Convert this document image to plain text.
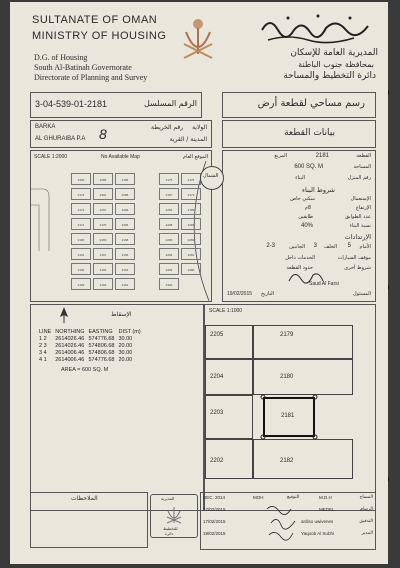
SULTANATE OF OMAN
MINISTRY OF HOUSING
D.G. of Housing
South Al-Batinah Governorate
Directorate of Planning and Survey
المديرية العامة للإسكان
بمحافظة جنوب الباطنة
دائرة التخطيط والمساحة
3-04-539-01-2181	الرقم المسلسل	رسم مساحي لقطعة أرض
BARKA
AL GHURAIBA P.A 8	رقم الخريطة الولاية
المدينة / القرية
بيانات القطعة
SCALE 1:2000	No Available Map	الموقع العام
2300	2285	2186	2175	2176
2174	2301	2286	2187	2173
2172	2297	2299	2284	2189
2171	2170	2296	2298	2283
2190	2169	2168	2295	2282
2191	2167	2166	2294	2281
2192	2165	2164	2293	2280
2193	2163	2162	2302
القطعة
2181
المربع
المساحة
600 SQ. M
رقم المنزل
البناء
شروط البناء
الإستعمال
سكني خاص
الإرتفاع
8م
عدد الطوابق
طابقين
نسبة البناء
40%
الإرتدادات
الأمام
5
الخلف
3
الجانبين
2-3
موقف السيارات
الخدمات داخل
شروط أخرى
حدود القطعة
Saud Al Farsi
19/02/2015 التاريخ	المسئول
الشمال
الإسقاط
LINE	NORTHING	EASTING	DIST (m)
1 2	2614026.46	574776.68	30.00
2 3	2614026.46	574806.68	20.00
3 4	2614006.46	574806.68	30.00
4 1	2614006.46	574776.68	20.00
AREA = 600 SQ. M
SCALE 1:1000
2205	2179
2204	2180
2203	2181
2202	2182
الملاحظات	المديرية
للتخطيط
دائرة
DEC. 2014	MOH	التوقيع	M.D.H	المساح
17/02/2015	MEDEL	الرسام
17/02/2015	ardiso uwivenes	التدقيق
19/02/2015	Yaqoob Al Subhi	المدير
